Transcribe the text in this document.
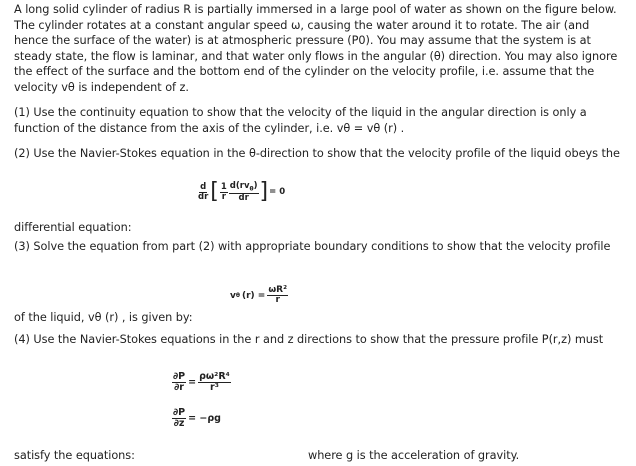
A long solid cylinder of radius R is partially immersed in a large pool of water as shown on the figure below. The cylinder rotates at a constant angular speed ω, causing the water around it to rotate. The air (and hence the surface of the water) is at atmospheric pressure (P0). You may assume that the system is at steady state, the flow is laminar, and that water only flows in the angular (θ) direction. You may also ignore the effect of the surface and the bottom end of the cylinder on the velocity profile, i.e. assume that the velocity vθ is independent of z.

(1) Use the continuity equation to show that the velocity of the liquid in the angular direction is only a function of the distance from the axis of the cylinder, i.e. vθ = vθ (r) .

(2) Use the Navier-Stokes equation in the θ-direction to show that the velocity profile of the liquid obeys the

$\frac{d}{dr}$ [ $\frac{1}{r} \frac{d(rv_\theta)}{dr}$ ] = 0

differential equation:

(3) Solve the equation from part (2) with appropriate boundary conditions to show that the velocity profile

v θ $(r) = \frac{\text{ωR²}}{r}$

of the liquid, vθ (r) , is given by:

(4) Use the Navier-Stokes equations in the r and z directions to show that the pressure profile P(r,z) must

$\frac{\partial P}{\partial r} = \frac{\text{ρω²R⁴}}{\text{r³}}$
$\frac{\partial P}{\partial z} = -\rho g$

satisfy the equations:	where g is the acceleration of gravity.
